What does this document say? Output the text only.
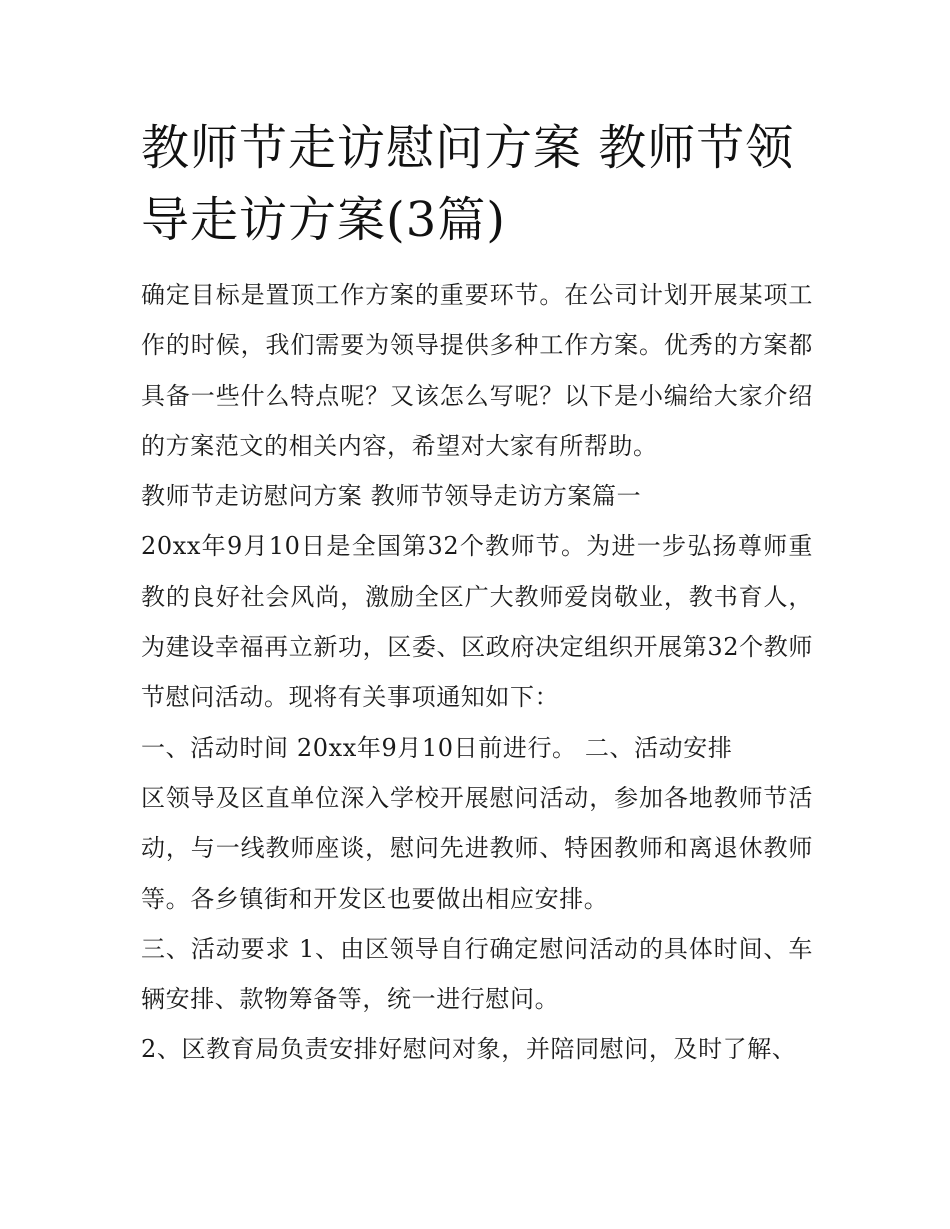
教师节走访慰问方案 教师节领导走访方案(3篇)

确定目标是置顶工作方案的重要环节。在公司计划开展某项工作的时候，我们需要为领导提供多种工作方案。优秀的方案都具备一些什么特点呢？又该怎么写呢？以下是小编给大家介绍的方案范文的相关内容，希望对大家有所帮助。

教师节走访慰问方案 教师节领导走访方案篇一

20xx年9月10日是全国第32个教师节。为进一步弘扬尊师重教的良好社会风尚，激励全区广大教师爱岗敬业，教书育人，为建设幸福再立新功，区委、区政府决定组织开展第32个教师节慰问活动。现将有关事项通知如下：

一、活动时间 20xx年9月10日前进行。 二、活动安排

区领导及区直单位深入学校开展慰问活动，参加各地教师节活动，与一线教师座谈，慰问先进教师、特困教师和离退休教师等。各乡镇街和开发区也要做出相应安排。

三、活动要求 1、由区领导自行确定慰问活动的具体时间、车辆安排、款物筹备等，统一进行慰问。

2、区教育局负责安排好慰问对象，并陪同慰问，及时了解、
